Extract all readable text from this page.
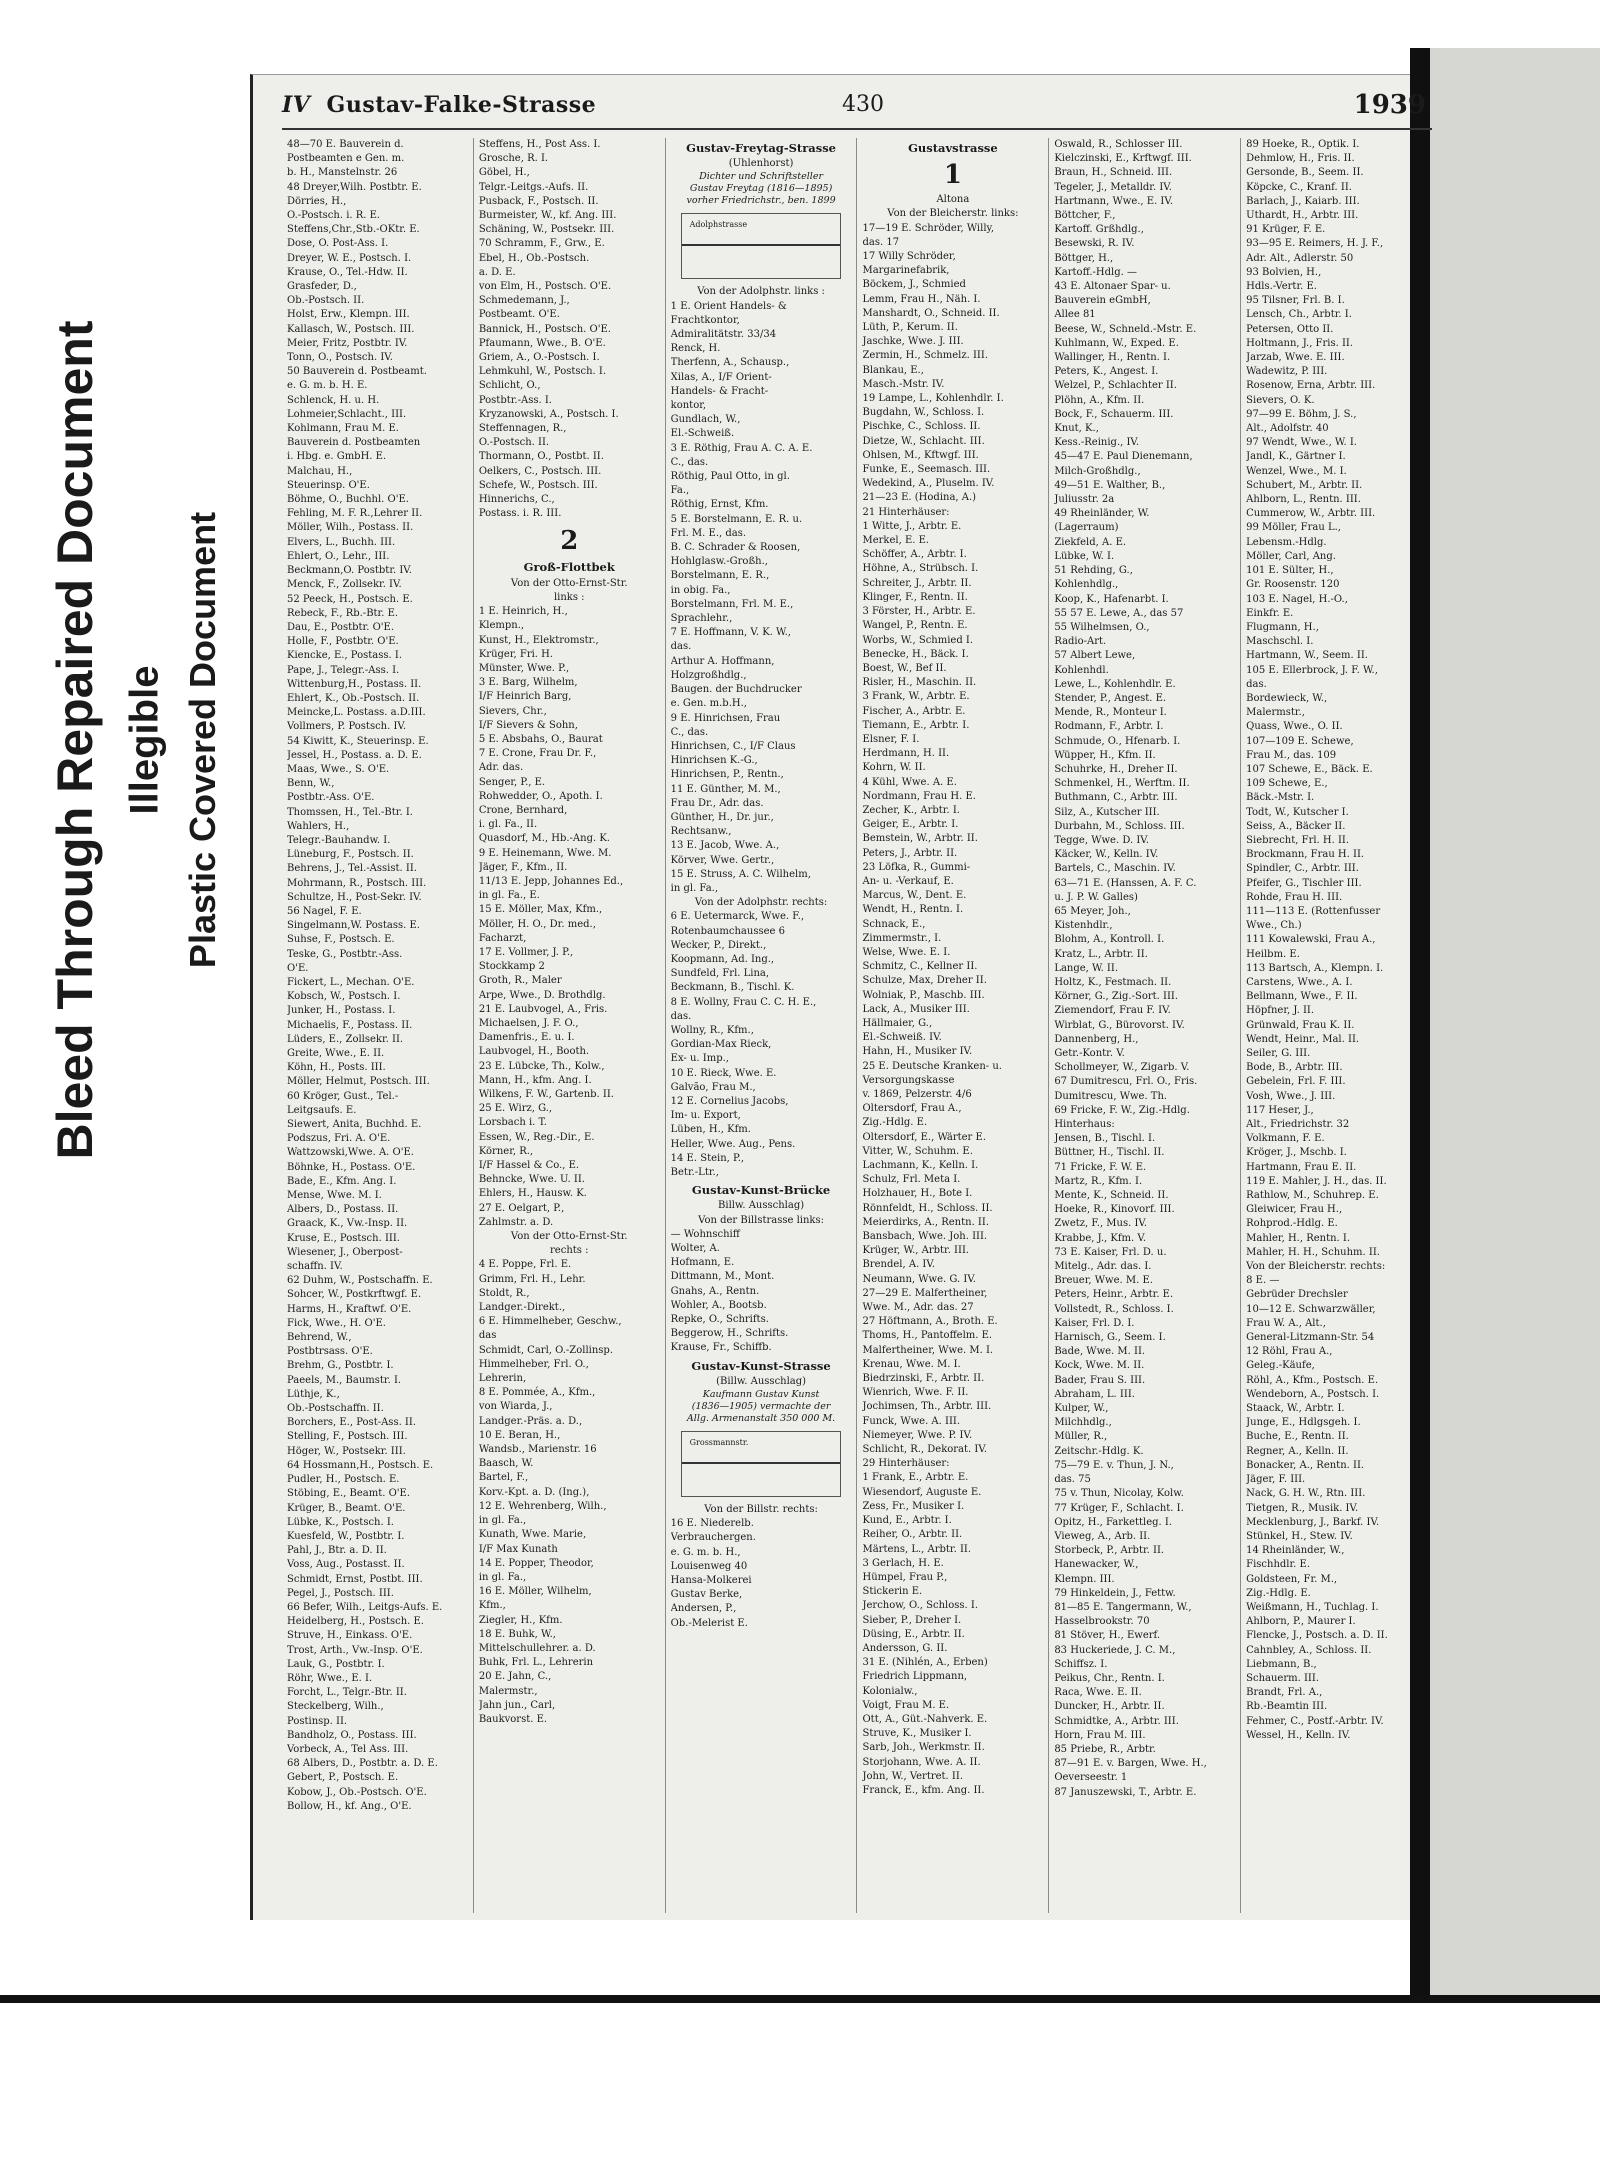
Bleed Through Repaired Document Illegible Plastic Covered Document
IV Gustav-Falke-Strasse	430	1939
48—70 E. Bauverein d.
Postbeamten e Gen. m.
b. H., Manstelnstr. 26
48 Dreyer,Wilh. Postbtr. E.
Dörries, H.,
O.-Postsch. i. R. E.
Steffens,Chr.,Stb.-OKtr. E.
Dose, O. Post-Ass. I.
Dreyer, W. E., Postsch. I.
Krause, O., Tel.-Hdw. II.
Grasfeder, D.,
Ob.-Postsch. II.
Holst, Erw., Klempn. III.
Kallasch, W., Postsch. III.
Meier, Fritz, Postbtr. IV.
Tonn, O., Postsch. IV.
50 Bauverein d. Postbeamt.
e. G. m. b. H. E.
Schlenck, H. u. H.
Lohmeier,Schlacht., III.
Kohlmann, Frau M. E.
Bauverein d. Postbeamten
i. Hbg. e. GmbH. E.
Malchau, H.,
Steuerinsp. O'E.
Böhme, O., Buchhl. O'E.
Fehling, M. F. R.,Lehrer II.
Möller, Wilh., Postass. II.
Elvers, L., Buchh. III.
Ehlert, O., Lehr., III.
Beckmann,O. Postbtr. IV.
Menck, F., Zollsekr. IV.
52 Peeck, H., Postsch. E.
Rebeck, F., Rb.-Btr. E.
Dau, E., Postbtr. O'E.
Holle, F., Postbtr. O'E.
Kiencke, E., Postass. I.
Pape, J., Telegr.-Ass. I.
Wittenburg,H., Postass. II.
Ehlert, K., Ob.-Postsch. II.
Meincke,L. Postass. a.D.III.
Vollmers, P. Postsch. IV.
54 Kiwitt, K., Steuerinsp. E.
Jessel, H., Postass. a. D. E.
Maas, Wwe., S. O'E.
Benn, W.,
Postbtr.-Ass. O'E.
Thomssen, H., Tel.-Btr. I.
Wahlers, H.,
Telegr.-Bauhandw. I.
Lüneburg, F., Postsch. II.
Behrens, J., Tel.-Assist. II.
Mohrmann, R., Postsch. III.
Schultze, H., Post-Sekr. IV.
56 Nagel, F. E.
Singelmann,W. Postass. E.
Suhse, F., Postsch. E.
Teske, G., Postbtr.-Ass.
O'E.
Fickert, L., Mechan. O'E.
Kobsch, W., Postsch. I.
Junker, H., Postass. I.
Michaelis, F., Postass. II.
Lüders, E., Zollsekr. II.
Greite, Wwe., E. II.
Köhn, H., Posts. III.
Möller, Helmut, Postsch. III.
60 Kröger, Gust., Tel.-
Leitgsaufs. E.
Siewert, Anita, Buchhd. E.
Podszus, Fri. A. O'E.
Wattzowski,Wwe. A. O'E.
Böhnke, H., Postass. O'E.
Bade, E., Kfm. Ang. I.
Mense, Wwe. M. I.
Albers, D., Postass. II.
Graack, K., Vw.-Insp. II.
Kruse, E., Postsch. III.
Wiesener, J., Oberpost-
schaffn. IV.
62 Duhm, W., Postschaffn. E.
Sohcer, W., Postkrftwgf. E.
Harms, H., Kraftwf. O'E.
Fick, Wwe., H. O'E.
Behrend, W.,
Postbtrsass. O'E.
Brehm, G., Postbtr. I.
Paeels, M., Baumstr. I.
Lüthje, K.,
Ob.-Postschaffn. II.
Borchers, E., Post-Ass. II.
Stelling, F., Postsch. III.
Höger, W., Postsekr. III.
64 Hossmann,H., Postsch. E.
Pudler, H., Postsch. E.
Stöbing, E., Beamt. O'E.
Krüger, B., Beamt. O'E.
Lübke, K., Postsch. I.
Kuesfeld, W., Postbtr. I.
Pahl, J., Btr. a. D. II.
Voss, Aug., Postasst. II.
Schmidt, Ernst, Postbt. III.
Pegel, J., Postsch. III.
66 Befer, Wilh., Leitgs-Aufs. E.
Heidelberg, H., Postsch. E.
Struve, H., Einkass. O'E.
Trost, Arth., Vw.-Insp. O'E.
Lauk, G., Postbtr. I.
Röhr, Wwe., E. I.
Forcht, L., Telgr.-Btr. II.
Steckelberg, Wilh.,
Postinsp. II.
Bandholz, O., Postass. III.
Vorbeck, A., Tel Ass. III.
68 Albers, D., Postbtr. a. D. E.
Gebert, P., Postsch. E.
Kobow, J., Ob.-Postsch. O'E.
Bollow, H., kf. Ang., O'E.
Steffens, H., Post Ass. I.
Grosche, R. I.
Göbel, H.,
Telgr.-Leitgs.-Aufs. II.
Pusback, F., Postsch. II.
Burmeister, W., kf. Ang. III.
Schäning, W., Postsekr. III.
70 Schramm, F., Grw., E.
Ebel, H., Ob.-Postsch.
a. D. E.
von Elm, H., Postsch. O'E.
Schmedemann, J.,
Postbeamt. O'E.
Bannick, H., Postsch. O'E.
Pfaumann, Wwe., B. O'E.
Griem, A., O.-Postsch. I.
Lehmkuhl, W., Postsch. I.
Schlicht, O.,
Postbtr.-Ass. I.
Kryzanowski, A., Postsch. I.
Steffennagen, R.,
O.-Postsch. II.
Thormann, O., Postbt. II.
Oelkers, C., Postsch. III.
Schefe, W., Postsch. III.
Hinnerichs, C.,
Postass. i. R. III.
2
Groß-Flottbek
Von der Otto-Ernst-Str.
links :
1 E. Heinrich, H.,
Klempn.,
Kunst, H., Elektromstr.,
Krüger, Fri. H.
Münster, Wwe. P.,
3 E. Barg, Wilhelm,
I/F Heinrich Barg,
Sievers, Chr.,
I/F Sievers & Sohn,
5 E. Absbahs, O., Baurat
7 E. Crone, Frau Dr. F.,
Adr. das.
Senger, P., E.
Rohwedder, O., Apoth. I.
Crone, Bernhard,
i. gl. Fa., II.
Quasdorf, M., Hb.-Ang. K.
9 E. Heinemann, Wwe. M.
Jäger, F., Kfm., II.
11/13 E. Jepp, Johannes Ed.,
in gl. Fa., E.
15 E. Möller, Max, Kfm.,
Möller, H. O., Dr. med.,
Facharzt,
17 E. Vollmer, J. P.,
Stockkamp 2
Groth, R., Maler
Arpe, Wwe., D. Brothdlg.
21 E. Laubvogel, A., Fris.
Michaelsen, J. F. O.,
Damenfris., E. u. I.
Laubvogel, H., Booth.
23 E. Lübcke, Th., Kolw.,
Mann, H., kfm. Ang. I.
Wilkens, F. W., Gartenb. II.
25 E. Wirz, G.,
Lorsbach i. T.
Essen, W., Reg.-Dir., E.
Körner, R.,
I/F Hassel & Co., E.
Behncke, Wwe. U. II.
Ehlers, H., Hausw. K.
27 E. Oelgart, P.,
Zahlmstr. a. D.
Von der Otto-Ernst-Str.
rechts :
4 E. Poppe, Frl. E.
Grimm, Frl. H., Lehr.
Stoldt, R.,
Landger.-Direkt.,
6 E. Himmelheber, Geschw.,
das
Schmidt, Carl, O.-Zollinsp.
Himmelheber, Frl. O.,
Lehrerin,
8 E. Pommée, A., Kfm.,
von Wiarda, J.,
Landger.-Präs. a. D.,
10 E. Beran, H.,
Wandsb., Marienstr. 16
Baasch, W.
Bartel, F.,
Korv.-Kpt. a. D. (Ing.),
12 E. Wehrenberg, Wilh.,
in gl. Fa.,
Kunath, Wwe. Marie,
I/F Max Kunath
14 E. Popper, Theodor,
in gl. Fa.,
16 E. Möller, Wilhelm,
Kfm.,
Ziegler, H., Kfm.
18 E. Buhk, W.,
Mittelschullehrer. a. D.
Buhk, Frl. L., Lehrerin
20 E. Jahn, C.,
Malermstr.,
Jahn jun., Carl,
Baukvorst. E.
Gustav-Freytag-Strasse
(Uhlenhorst)
Dichter und Schriftsteller
Gustav Freytag (1816—1895)
vorher Friedrichstr., ben. 1899
Adolphstrasse
Von der Adolphstr. links :
1 E. Orient Handels- &
Frachtkontor,
Admiralitätstr. 33/34
Renck, H.
Therfenn, A., Schausp.,
Xilas, A., I/F Orient-
Handels- & Fracht-
kontor,
Gundlach, W.,
El.-Schweiß.
3 E. Röthig, Frau A. C. A. E.
C., das.
Röthig, Paul Otto, in gl.
Fa.,
Röthig, Ernst, Kfm.
5 E. Borstelmann, E. R. u.
Frl. M. E., das.
B. C. Schrader & Roosen,
Hohlglasw.-Großh.,
Borstelmann, E. R.,
in obig. Fa.,
Borstelmann, Frl. M. E.,
Sprachlehr.,
7 E. Hoffmann, V. K. W.,
das.
Arthur A. Hoffmann,
Holzgroßhdlg.,
Baugen. der Buchdrucker
e. Gen. m.b.H.,
9 E. Hinrichsen, Frau
C., das.
Hinrichsen, C., I/F Claus
Hinrichsen K.-G.,
Hinrichsen, P., Rentn.,
11 E. Günther, M. M.,
Frau Dr., Adr. das.
Günther, H., Dr. jur.,
Rechtsanw.,
13 E. Jacob, Wwe. A.,
Körver, Wwe. Gertr.,
15 E. Struss, A. C. Wilhelm,
in gl. Fa.,
Von der Adolphstr. rechts:
6 E. Uetermarck, Wwe. F.,
Rotenbaumchaussee 6
Wecker, P., Direkt.,
Koopmann, Ad. Ing.,
Sundfeld, Frl. Lina,
Beckmann, B., Tischl. K.
8 E. Wollny, Frau C. C. H. E.,
das.
Wollny, R., Kfm.,
Gordian-Max Rieck,
Ex- u. Imp.,
10 E. Rieck, Wwe. E.
Galvão, Frau M.,
12 E. Cornelius Jacobs,
Im- u. Export,
Lüben, H., Kfm.
Heller, Wwe. Aug., Pens.
14 E. Stein, P.,
Betr.-Ltr.,
Gustav-Kunst-Brücke
Billw. Ausschlag)
Von der Billstrasse links:
— Wohnschiff
Wolter, A.
Hofmann, E.
Dittmann, M., Mont.
Gnahs, A., Rentn.
Wohler, A., Bootsb.
Repke, O., Schrifts.
Beggerow, H., Schrifts.
Krause, Fr., Schiffb.
Gustav-Kunst-Strasse
(Billw. Ausschlag)
Kaufmann Gustav Kunst
(1836—1905) vermachte der
Allg. Armenanstalt 350 000 M.
Grossmannstr.
Von der Billstr. rechts:
16 E. Niederelb.
Verbrauchergen.
e. G. m. b. H.,
Louisenweg 40
Hansa-Molkerei
Gustav Berke,
Andersen, P.,
Ob.-Melerist E.
Gustavstrasse
1
Altona
Von der Bleicherstr. links:
17—19 E. Schröder, Willy,
das. 17
17 Willy Schröder,
Margarinefabrik,
Böckem, J., Schmied
Lemm, Frau H., Näh. I.
Manshardt, O., Schneid. II.
Lüth, P., Kerum. II.
Jaschke, Wwe. J. III.
Zermin, H., Schmelz. III.
Blankau, E.,
Masch.-Mstr. IV.
19 Lampe, L., Kohlenhdlr. I.
Bugdahn, W., Schloss. I.
Pischke, C., Schloss. II.
Dietze, W., Schlacht. III.
Ohlsen, M., Kftwgf. III.
Funke, E., Seemasch. III.
Wedekind, A., Pluselm. IV.
21—23 E. (Hodina, A.)
21 Hinterhäuser:
1 Witte, J., Arbtr. E.
Merkel, E. E.
Schöffer, A., Arbtr. I.
Höhne, A., Strübsch. I.
Schreiter, J., Arbtr. II.
Klinger, F., Rentn. II.
3 Förster, H., Arbtr. E.
Wangel, P., Rentn. E.
Worbs, W., Schmied I.
Benecke, H., Bäck. I.
Boest, W., Bef II.
Risler, H., Maschin. II.
3 Frank, W., Arbtr. E.
Fischer, A., Arbtr. E.
Tiemann, E., Arbtr. I.
Elsner, F. I.
Herdmann, H. II.
Kohrn, W. II.
4 Kühl, Wwe. A. E.
Nordmann, Frau H. E.
Zecher, K., Arbtr. I.
Geiger, E., Arbtr. I.
Bemstein, W., Arbtr. II.
Peters, J., Arbtr. II.
23 Löfka, R., Gummi-
An- u. -Verkauf, E.
Marcus, W., Dent. E.
Wendt, H., Rentn. I.
Schnack, E.,
Zimmermstr., I.
Welse, Wwe. E. I.
Schmitz, C., Kellner II.
Schulze, Max, Dreher II.
Wolniak, P., Maschb. III.
Lack, A., Musiker III.
Hällmaier, G.,
El.-Schweiß. IV.
Hahn, H., Musiker IV.
25 E. Deutsche Kranken- u.
Versorgungskasse
v. 1869, Pelzerstr. 4/6
Oltersdorf, Frau A.,
Zig.-Hdlg. E.
Oltersdorf, E., Wärter E.
Vitter, W., Schuhm. E.
Lachmann, K., Kelln. I.
Schulz, Frl. Meta I.
Holzhauer, H., Bote I.
Rönnfeldt, H., Schloss. II.
Meierdirks, A., Rentn. II.
Bansbach, Wwe. Joh. III.
Krüger, W., Arbtr. III.
Brendel, A. IV.
Neumann, Wwe. G. IV.
27—29 E. Malfertheiner,
Wwe. M., Adr. das. 27
27 Höftmann, A., Broth. E.
Thoms, H., Pantoffelm. E.
Malfertheiner, Wwe. M. I.
Krenau, Wwe. M. I.
Biedrzinski, F., Arbtr. II.
Wienrich, Wwe. F. II.
Jochimsen, Th., Arbtr. III.
Funck, Wwe. A. III.
Niemeyer, Wwe. P. IV.
Schlicht, R., Dekorat. IV.
29 Hinterhäuser:
1 Frank, E., Arbtr. E.
Wiesendorf, Auguste E.
Zess, Fr., Musiker I.
Kund, E., Arbtr. I.
Reiher, O., Arbtr. II.
Märtens, L., Arbtr. II.
3 Gerlach, H. E.
Hümpel, Frau P.,
Stickerin E.
Jerchow, O., Schloss. I.
Sieber, P., Dreher I.
Düsing, E., Arbtr. II.
Andersson, G. II.
31 E. (Nihlén, A., Erben)
Friedrich Lippmann,
Kolonialw.,
Voigt, Frau M. E.
Ott, A., Güt.-Nahverk. E.
Struve, K., Musiker I.
Sarb, Joh., Werkmstr. II.
Storjohann, Wwe. A. II.
John, W., Vertret. II.
Franck, E., kfm. Ang. II.
Oswald, R., Schlosser III.
Kielczinski, E., Krftwgf. III.
Braun, H., Schneid. III.
Tegeler, J., Metalldr. IV.
Hartmann, Wwe., E. IV.
Böttcher, F.,
Kartoff. Grßhdlg.,
Besewski, R. IV.
Böttger, H.,
Kartoff.-Hdlg. —
43 E. Altonaer Spar- u.
Bauverein eGmbH,
Allee 81
Beese, W., Schneld.-Mstr. E.
Kuhlmann, W., Exped. E.
Wallinger, H., Rentn. I.
Peters, K., Angest. I.
Welzel, P., Schlachter II.
Plöhn, A., Kfm. II.
Bock, F., Schauerm. III.
Knut, K.,
Kess.-Reinig., IV.
45—47 E. Paul Dienemann,
Milch-Großhdlg.,
49—51 E. Walther, B.,
Juliusstr. 2a
49 Rheinländer, W.
(Lagerraum)
Ziekfeld, A. E.
Lübke, W. I.
51 Rehding, G.,
Kohlenhdlg.,
Koop, K., Hafenarbt. I.
55 57 E. Lewe, A., das 57
55 Wilhelmsen, O.,
Radio-Art.
57 Albert Lewe,
Kohlenhdl.
Lewe, L., Kohlenhdlr. E.
Stender, P., Angest. E.
Mende, R., Monteur I.
Rodmann, F., Arbtr. I.
Schmude, O., Hfenarb. I.
Wüpper, H., Kfm. II.
Schuhrke, H., Dreher II.
Schmenkel, H., Werftm. II.
Buthmann, C., Arbtr. III.
Silz, A., Kutscher III.
Durbahn, M., Schloss. III.
Tegge, Wwe. D. IV.
Käcker, W., Kelln. IV.
Bartels, C., Maschin. IV.
63—71 E. (Hanssen, A. F. C.
u. J. P. W. Galles)
65 Meyer, Joh.,
Kistenhdlr.,
Blohm, A., Kontroll. I.
Kratz, L., Arbtr. II.
Lange, W. II.
Holtz, K., Festmach. II.
Körner, G., Zig.-Sort. III.
Ziemendorf, Frau F. IV.
Wirblat, G., Bürovorst. IV.
Dannenberg, H.,
Getr.-Kontr. V.
Schollmeyer, W., Zigarb. V.
67 Dumitrescu, Frl. O., Fris.
Dumitrescu, Wwe. Th.
69 Fricke, F. W., Zig.-Hdlg.
Hinterhaus:
Jensen, B., Tischl. I.
Büttner, H., Tischl. II.
71 Fricke, F. W. E.
Martz, R., Kfm. I.
Mente, K., Schneid. II.
Hoeke, R., Kinovorf. III.
Zwetz, F., Mus. IV.
Krabbe, J., Kfm. V.
73 E. Kaiser, Frl. D. u.
Mitelg., Adr. das. I.
Breuer, Wwe. M. E.
Peters, Heinr., Arbtr. E.
Vollstedt, R., Schloss. I.
Kaiser, Frl. D. I.
Harnisch, G., Seem. I.
Bade, Wwe. M. II.
Kock, Wwe. M. II.
Bader, Frau S. III.
Abraham, L. III.
Kulper, W.,
Milchhdlg.,
Müller, R.,
Zeitschr.-Hdlg. K.
75—79 E. v. Thun, J. N.,
das. 75
75 v. Thun, Nicolay, Kolw.
77 Krüger, F., Schlacht. I.
Opitz, H., Farkettleg. I.
Vieweg, A., Arb. II.
Storbeck, P., Arbtr. II.
Hanewacker, W.,
Klempn. III.
79 Hinkeldein, J., Fettw.
81—85 E. Tangermann, W.,
Hasselbrookstr. 70
81 Stöver, H., Ewerf.
83 Huckeriede, J. C. M.,
Schiffsz. I.
Peikus, Chr., Rentn. I.
Raca, Wwe. E. II.
Duncker, H., Arbtr. II.
Schmidtke, A., Arbtr. III.
Horn, Frau M. III.
85 Priebe, R., Arbtr.
87—91 E. v. Bargen, Wwe. H.,
Oeverseestr. 1
87 Januszewski, T., Arbtr. E.
89 Hoeke, R., Optik. I.
Dehmlow, H., Fris. II.
Gersonde, B., Seem. II.
Köpcke, C., Kranf. II.
Barlach, J., Kaiarb. III.
Uthardt, H., Arbtr. III.
91 Krüger, F. E.
93—95 E. Reimers, H. J. F.,
Adr. Alt., Adlerstr. 50
93 Bolvien, H.,
Hdls.-Vertr. E.
95 Tilsner, Frl. B. I.
Lensch, Ch., Arbtr. I.
Petersen, Otto II.
Holtmann, J., Fris. II.
Jarzab, Wwe. E. III.
Wadewitz, P. III.
Rosenow, Erna, Arbtr. III.
Sievers, O. K.
97—99 E. Böhm, J. S.,
Alt., Adolfstr. 40
97 Wendt, Wwe., W. I.
Jandl, K., Gärtner I.
Wenzel, Wwe., M. I.
Schubert, M., Arbtr. II.
Ahlborn, L., Rentn. III.
Cummerow, W., Arbtr. III.
99 Möller, Frau L.,
Lebensm.-Hdlg.
Möller, Carl, Ang.
101 E. Sülter, H.,
Gr. Roosenstr. 120
103 E. Nagel, H.-O.,
Einkfr. E.
Flugmann, H.,
Maschschl. I.
Hartmann, W., Seem. II.
105 E. Ellerbrock, J. F. W.,
das.
Bordewieck, W.,
Malermstr.,
Quass, Wwe., O. II.
107—109 E. Schewe,
Frau M., das. 109
107 Schewe, E., Bäck. E.
109 Schewe, E.,
Bäck.-Mstr. I.
Todt, W., Kutscher I.
Seiss, A., Bäcker II.
Siebrecht, Frl. H. II.
Brockmann, Frau H. II.
Spindler, C., Arbtr. III.
Pfeifer, G., Tischler III.
Rohde, Frau H. III.
111—113 E. (Rottenfusser
Wwe., Ch.)
111 Kowalewski, Frau A.,
Heilbm. E.
113 Bartsch, A., Klempn. I.
Carstens, Wwe., A. I.
Bellmann, Wwe., F. II.
Höpfner, J. II.
Grünwald, Frau K. II.
Wendt, Heinr., Mal. II.
Seiler, G. III.
Bode, B., Arbtr. III.
Gebelein, Frl. F. III.
Vosh, Wwe., J. III.
117 Heser, J.,
Alt., Friedrichstr. 32
Volkmann, F. E.
Kröger, J., Mschb. I.
Hartmann, Frau E. II.
119 E. Mahler, J. H., das. II.
Rathlow, M., Schuhrep. E.
Gleiwicer, Frau H.,
Rohprod.-Hdlg. E.
Mahler, H., Rentn. I.
Mahler, H. H., Schuhm. II.
Von der Bleicherstr. rechts:
8 E. —
Gebrüder Drechsler
10—12 E. Schwarzwäller,
Frau W. A., Alt.,
General-Litzmann-Str. 54
12 Röhl, Frau A.,
Geleg.-Käufe,
Röhl, A., Kfm., Postsch. E.
Wendeborn, A., Postsch. I.
Staack, W., Arbtr. I.
Junge, E., Hdlgsgeh. I.
Buche, E., Rentn. II.
Regner, A., Kelln. II.
Bonacker, A., Rentn. II.
Jäger, F. III.
Nack, G. H. W., Rtn. III.
Tietgen, R., Musik. IV.
Mecklenburg, J., Barkf. IV.
Stünkel, H., Stew. IV.
14 Rheinländer, W.,
Fischhdlr. E.
Goldsteen, Fr. M.,
Zig.-Hdlg. E.
Weißmann, H., Tuchlag. I.
Ahlborn, P., Maurer I.
Flencke, J., Postsch. a. D. II.
Cahnbley, A., Schloss. II.
Liebmann, B.,
Schauerm. III.
Brandt, Frl. A.,
Rb.-Beamtin III.
Fehmer, C., Postf.-Arbtr. IV.
Wessel, H., Kelln. IV.
